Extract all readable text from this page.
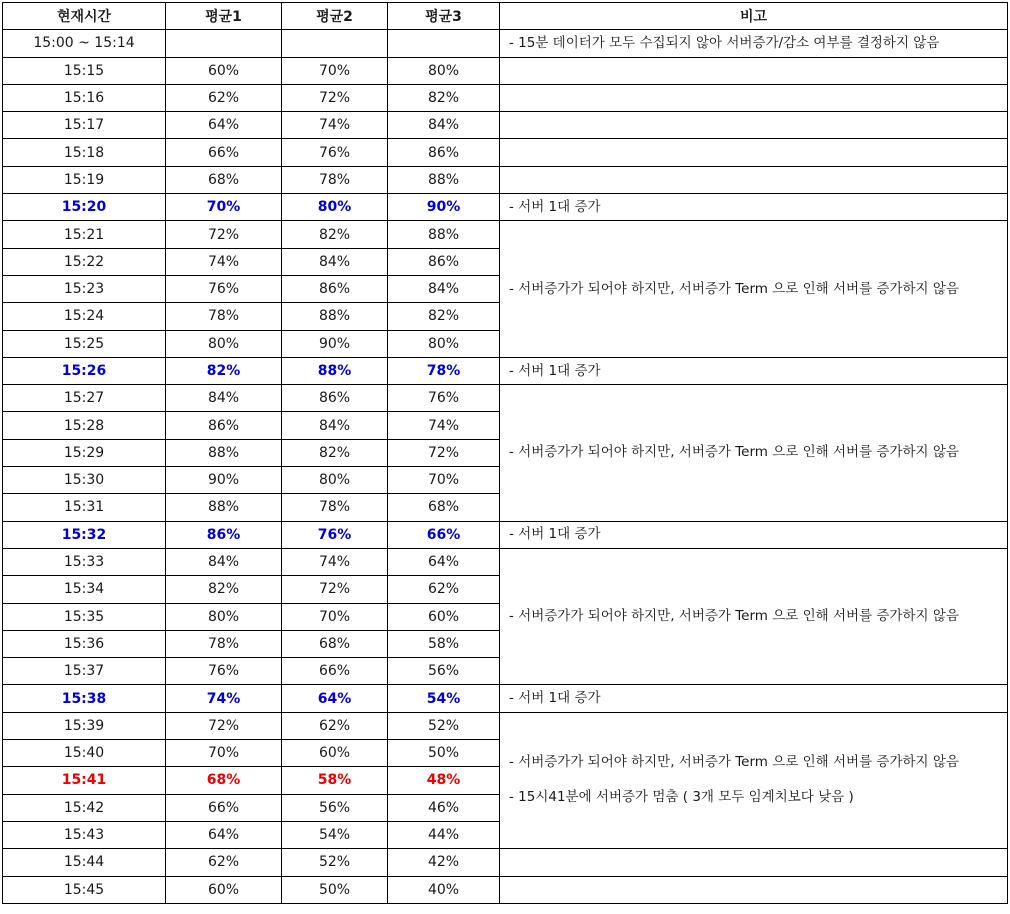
현재시간	평균1	평균2	평균3	비고
15:00 ~ 15:14				- 15분 데이터가 모두 수집되지 않아 서버증가/감소 여부를 결정하지 않음

15:15	60%	70%	80%	
15:16	62%	72%	82%	
15:17	64%	74%	84%	
15:18	66%	76%	86%	
15:19	68%	78%	88%	
15:20	70%	80%	90%	- 서버 1대 증가

15:21	72%	82%	88%	- 서버증가가 되어야 하지만, 서버증가 Term 으로 인해 서버를 증가하지 않음

15:22	74%	84%	86%	
15:23	76%	86%	84%	
15:24	78%	88%	82%	
15:25	80%	90%	80%	
15:26	82%	88%	78%	- 서버 1대 증가

15:27	84%	86%	76%	- 서버증가가 되어야 하지만, 서버증가 Term 으로 인해 서버를 증가하지 않음

15:28	86%	84%	74%	
15:29	88%	82%	72%	
15:30	90%	80%	70%	
15:31	88%	78%	68%	
15:32	86%	76%	66%	- 서버 1대 증가

15:33	84%	74%	64%	- 서버증가가 되어야 하지만, 서버증가 Term 으로 인해 서버를 증가하지 않음

15:34	82%	72%	62%	
15:35	80%	70%	60%	
15:36	78%	68%	58%	
15:37	76%	66%	56%	
15:38	74%	64%	54%	- 서버 1대 증가

15:39	72%	62%	52%	- 서버증가가 되어야 하지만, 서버증가 Term 으로 인해 서버를 증가하지 않음
- 15시41분에 서버증가 멈춤 ( 3개 모두 임계치보다 낮음 )

15:40	70%	60%	50%	
15:41	68%	58%	48%	
15:42	66%	56%	46%	
15:43	64%	54%	44%	
15:44	62%	52%	42%	
15:45	60%	50%	40%	
